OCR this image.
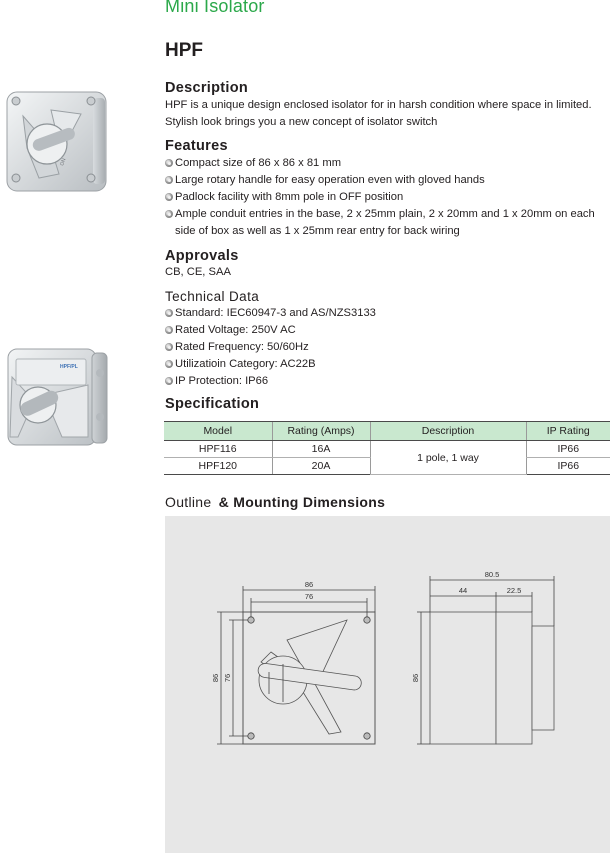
Mini Isolator
HPF
ON
Description
HPF is a unique design enclosed isolator for in harsh condition where space in limited. Stylish look brings you a new concept of isolator switch
Features
Compact size of 86 x 86 x 81 mm
Large rotary handle for easy operation even with gloved hands
Padlock facility with 8mm pole in OFF position
Ample conduit entries in the base, 2 x 25mm plain, 2 x 20mm and 1 x 20mm on each side of box as well as 1 x 25mm rear entry for back wiring
Approvals
CB, CE, SAA
HPF/PL
Technical Data
Standard: IEC60947-3 and AS/NZS3133
Rated Voltage: 250V AC
Rated Frequency: 50/60Hz
Utilizatioin Category: AC22B
IP Protection: IP66
Specification
Model	Rating (Amps)	Description	IP Rating
HPF116	16A	1 pole, 1 way	IP66
HPF120	20A		IP66
Outline & Mounting Dimensions
86
76
86 76
80.5
44	22.5
86
